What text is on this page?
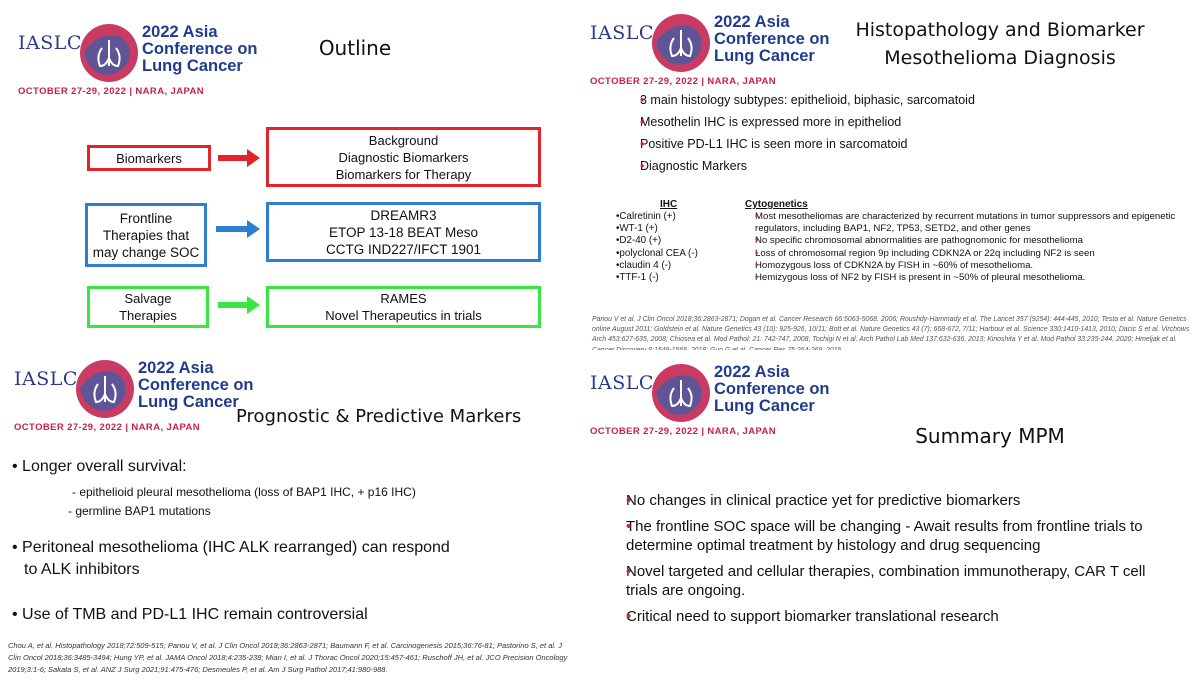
IASLC	2022 Asia
Conference on
Lung Cancer
OCTOBER 27-29, 2022 | NARA, JAPAN
Outline
Biomarkers
Background
Diagnostic Biomarkers
Biomarkers for Therapy
Frontline
Therapies that
may change SOC
DREAMR3
ETOP 13-18 BEAT Meso
CCTG IND227/IFCT 1901
Salvage
Therapies
RAMES
Novel Therapeutics in trials
IASLC	2022 Asia
Conference on
Lung Cancer
OCTOBER 27-29, 2022 | NARA, JAPAN
Histopathology and Biomarker
Mesothelioma Diagnosis
• 3 main histology subtypes: epithelioid, biphasic, sarcomatoid
• Mesothelin IHC is expressed more in epitheliod
• Positive PD-L1 IHC is seen more in sarcomatoid
• Diagnostic Markers
IHC
•Calretinin (+)
•WT-1 (+)
•D2-40 (+)
•polyclonal CEA (-)
•claudin 4 (-)
•TTF-1 (-)
Cytogenetics
• Most mesotheliomas are characterized by recurrent mutations in tumor suppressors and epigenetic regulators, including BAP1, NF2, TP53, SETD2, and other genes
• No specific chromosomal abnormalities are pathognomonic for mesothelioma
• Loss of chromosomal region 9p including CDKN2A or 22q including NF2 is seen
• Homozygous loss of CDKN2A by FISH in ~60% of mesothelioma.
• Hemizygous loss of NF2 by FISH is present in ~50% of pleural mesothelioma.
Panou V et al. J Clin Oncol 2018;36:2863-2871; Dogan et al. Cancer Research 66:5063-5068. 2006; Roushdy-Hammady et al. The Lancet 357 (9254): 444-445, 2010; Testa et al. Nature Genetics online August 2011; Goldstein et al. Nature Genetics 43 (10): 925-926, 10/11; Bott et al. Nature Genetics 43 (7): 668-672, 7/11; Harbour et al. Science 330:1410-1413, 2010; Dacic S et al. Virchows Arch 453:627-635, 2008; Chiosea et al. Mod Pathol: 21: 742-747, 2008; Tochigi N et al. Arch Pathol Lab Med 137:632-636, 2013; Kinoshita Y et al. Mod Pathol 33:235-244, 2020; Hmeljak et al.
IASLC	2022 Asia
Conference on
Lung Cancer
OCTOBER 27-29, 2022 | NARA, JAPAN
Prognostic & Predictive Markers
• Longer overall survival:
- epithelioid pleural mesothelioma (loss of BAP1 IHC, + p16 IHC)
- germline BAP1 mutations
• Peritoneal mesothelioma (IHC ALK rearranged) can respond
to ALK inhibitors
• Use of TMB and PD-L1 IHC remain controversial
Chou A, et al. Histopathology 2018;72:509-515; Panou V, et al. J Clin Oncol 2018;36:2863-2871; Baumann F, et al. Carcinogenesis 2015;36:76-81; Pastorino S, et al. J Clin Oncol 2018;36:3485-3494; Hung YP, et al. JAMA Oncol 2018;4:235-238; Mian I, et al. J Thorac Oncol 2020;15:457-461; Ruschoff JH, et al. JCO Precision Oncology 2019;3:1-6; Sakata S, et al. ANZ J Surg 2021;91:475-476; Desmeules P, et al. Am J Surg Pathol 2017;41:980-988.
IASLC	2022 Asia
Conference on
Lung Cancer
OCTOBER 27-29, 2022 | NARA, JAPAN	Summary MPM
• No changes in clinical practice yet for predictive biomarkers
• The frontline SOC space will be changing - Await results from frontline trials to determine optimal treatment by histology and drug sequencing
• Novel targeted and cellular therapies, combination immunotherapy, CAR T cell trials are ongoing.
• Critical need to support biomarker translational research
